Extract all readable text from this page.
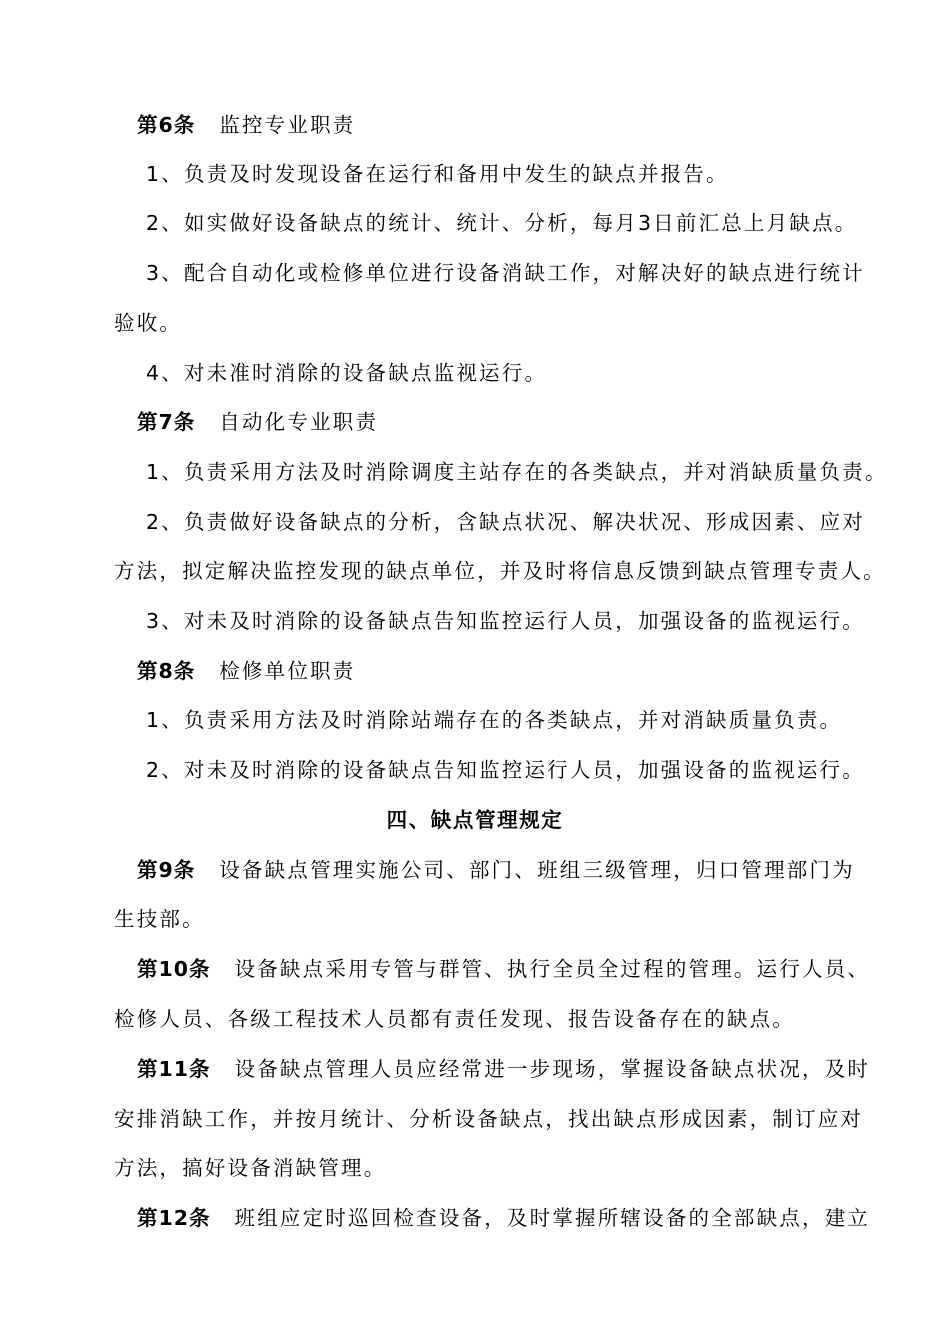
第6条 监控专业职责
1、负责及时发现设备在运行和备用中发生的缺点并报告。
2、如实做好设备缺点的统计、统计、分析，每月3日前汇总上月缺点。
3、配合自动化或检修单位进行设备消缺工作，对解决好的缺点进行统计
验收。
4、对未准时消除的设备缺点监视运行。
第7条 自动化专业职责
1、负责采用方法及时消除调度主站存在的各类缺点，并对消缺质量负责。
2、负责做好设备缺点的分析，含缺点状况、解决状况、形成因素、应对
方法，拟定解决监控发现的缺点单位，并及时将信息反馈到缺点管理专责人。
3、对未及时消除的设备缺点告知监控运行人员，加强设备的监视运行。
第8条 检修单位职责
1、负责采用方法及时消除站端存在的各类缺点，并对消缺质量负责。
2、对未及时消除的设备缺点告知监控运行人员，加强设备的监视运行。
四、缺点管理规定
第9条 设备缺点管理实施公司、部门、班组三级管理，归口管理部门为
生技部。
第10条 设备缺点采用专管与群管、执行全员全过程的管理。运行人员、
检修人员、各级工程技术人员都有责任发现、报告设备存在的缺点。
第11条 设备缺点管理人员应经常进一步现场，掌握设备缺点状况，及时
安排消缺工作，并按月统计、分析设备缺点，找出缺点形成因素，制订应对
方法，搞好设备消缺管理。
第12条 班组应定时巡回检查设备，及时掌握所辖设备的全部缺点，建立
